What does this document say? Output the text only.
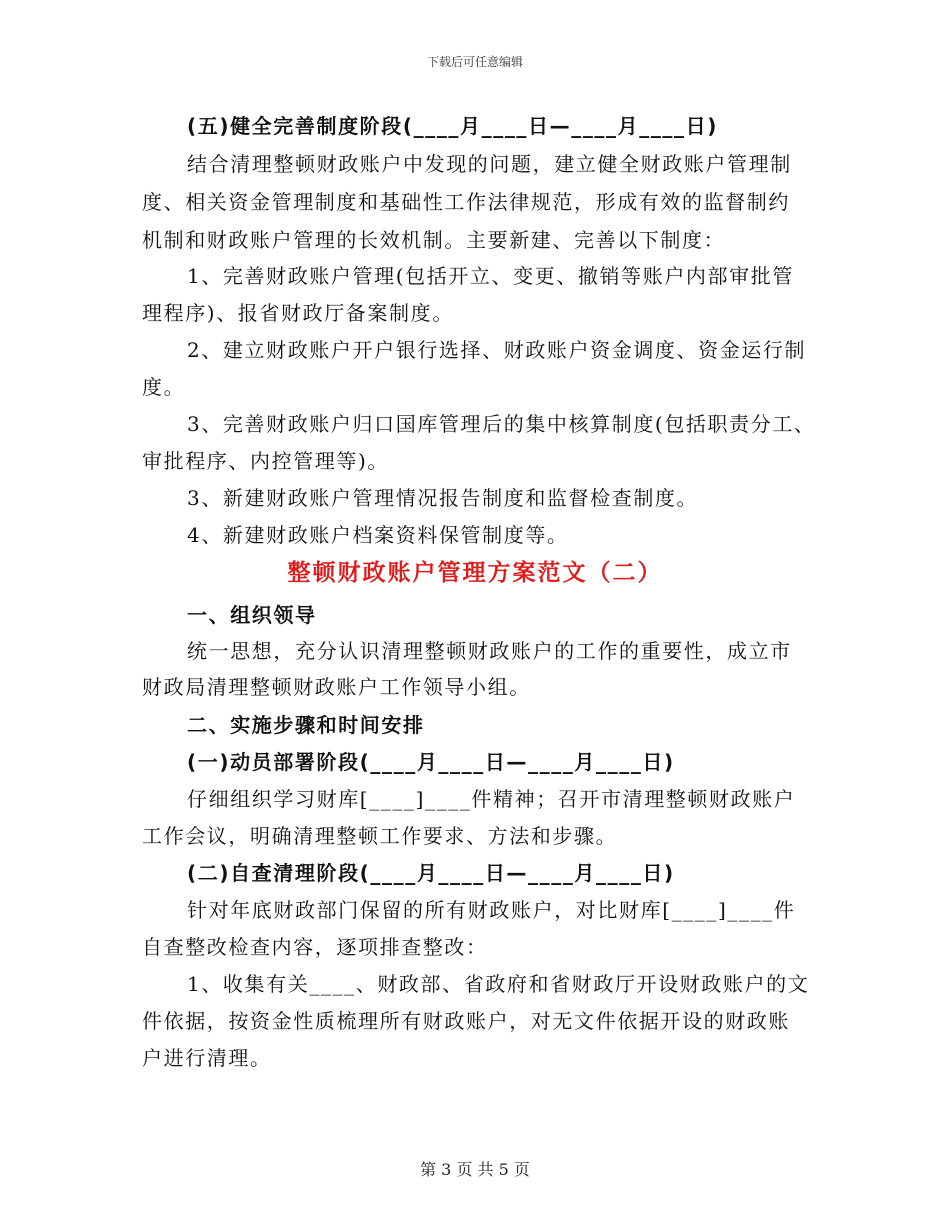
下载后可任意编辑
(五)健全完善制度阶段(____月____日—____月____日)
结合清理整顿财政账户中发现的问题，建立健全财政账户管理制
度、相关资金管理制度和基础性工作法律规范，形成有效的监督制约
机制和财政账户管理的长效机制。主要新建、完善以下制度：
1、完善财政账户管理(包括开立、变更、撤销等账户内部审批管
理程序)、报省财政厅备案制度。
2、建立财政账户开户银行选择、财政账户资金调度、资金运行制
度。
3、完善财政账户归口国库管理后的集中核算制度(包括职责分工、
审批程序、内控管理等)。
3、新建财政账户管理情况报告制度和监督检查制度。
4、新建财政账户档案资料保管制度等。
整顿财政账户管理方案范文（二）
一、组织领导
统一思想，充分认识清理整顿财政账户的工作的重要性，成立市
财政局清理整顿财政账户工作领导小组。
二、实施步骤和时间安排
(一)动员部署阶段(____月____日—____月____日)
仔细组织学习财库[____]____件精神；召开市清理整顿财政账户
工作会议，明确清理整顿工作要求、方法和步骤。
(二)自查清理阶段(____月____日—____月____日)
针对年底财政部门保留的所有财政账户，对比财库[____]____件
自查整改检查内容，逐项排查整改：
1、收集有关____、财政部、省政府和省财政厅开设财政账户的文
件依据，按资金性质梳理所有财政账户，对无文件依据开设的财政账
户进行清理。
第 3 页 共 5 页
